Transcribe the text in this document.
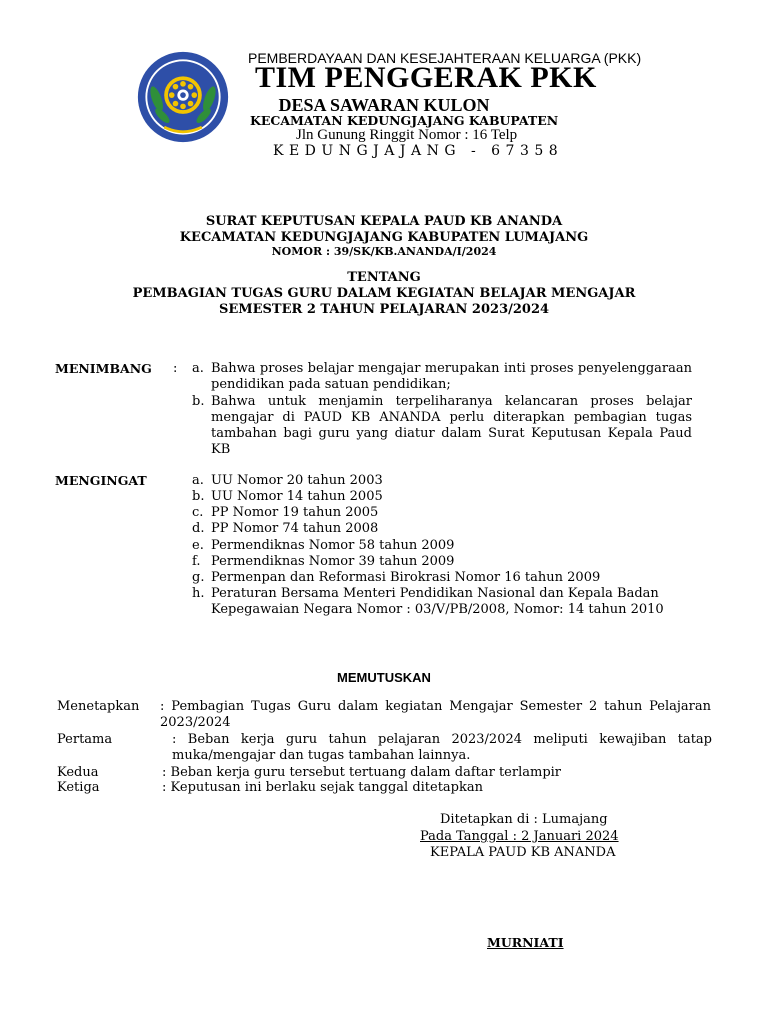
PEMBERDAYAAN DAN KESEJAHTERAAN KELUARGA (PKK)
TIM PENGGERAK PKK
DESA SAWARAN KULON
KECAMATAN KEDUNGJAJANG KABUPATEN
Jln Gunung Ringgit Nomor : 16 Telp
KEDUNGJAJANG - 67358
SURAT KEPUTUSAN KEPALA PAUD KB ANANDA
KECAMATAN KEDUNGJAJANG KABUPATEN LUMAJANG
NOMOR : 39/SK/KB.ANANDA/I/2024
TENTANG
PEMBAGIAN TUGAS GURU DALAM KEGIATAN BELAJAR MENGAJAR
SEMESTER 2 TAHUN PELAJARAN 2023/2024
MENIMBANG : a. Bahwa proses belajar mengajar merupakan inti proses penyelenggaraan pendidikan pada satuan pendidikan;
b. Bahwa untuk menjamin terpeliharanya kelancaran proses belajar mengajar di PAUD KB ANANDA perlu diterapkan pembagian tugas tambahan bagi guru yang diatur dalam Surat Keputusan Kepala Paud KB
MENGINGAT	a. UU Nomor 20 tahun 2003
b. UU Nomor 14 tahun 2005
c. PP Nomor 19 tahun 2005
d. PP Nomor 74 tahun 2008
e. Permendiknas Nomor 58 tahun 2009
f. Permendiknas Nomor 39 tahun 2009
g. Permenpan dan Reformasi Birokrasi Nomor 16 tahun 2009
h. Peraturan Bersama Menteri Pendidikan Nasional dan Kepala Badan
Kepegawaian Negara Nomor : 03/V/PB/2008, Nomor: 14 tahun 2010
MEMUTUSKAN
Menetapkan : Pembagian Tugas Guru dalam kegiatan Mengajar Semester 2 tahun Pelajaran 2023/2024
Pertama	: Beban kerja guru tahun pelajaran 2023/2024 meliputi kewajiban tatap muka/mengajar dan tugas tambahan lainnya.
Kedua	: Beban kerja guru tersebut tertuang dalam daftar terlampir
Ketiga	: Keputusan ini berlaku sejak tanggal ditetapkan
Ditetapkan di : Lumajang
Pada Tanggal : 2 Januari 2024
KEPALA PAUD KB ANANDA
MURNIATI
